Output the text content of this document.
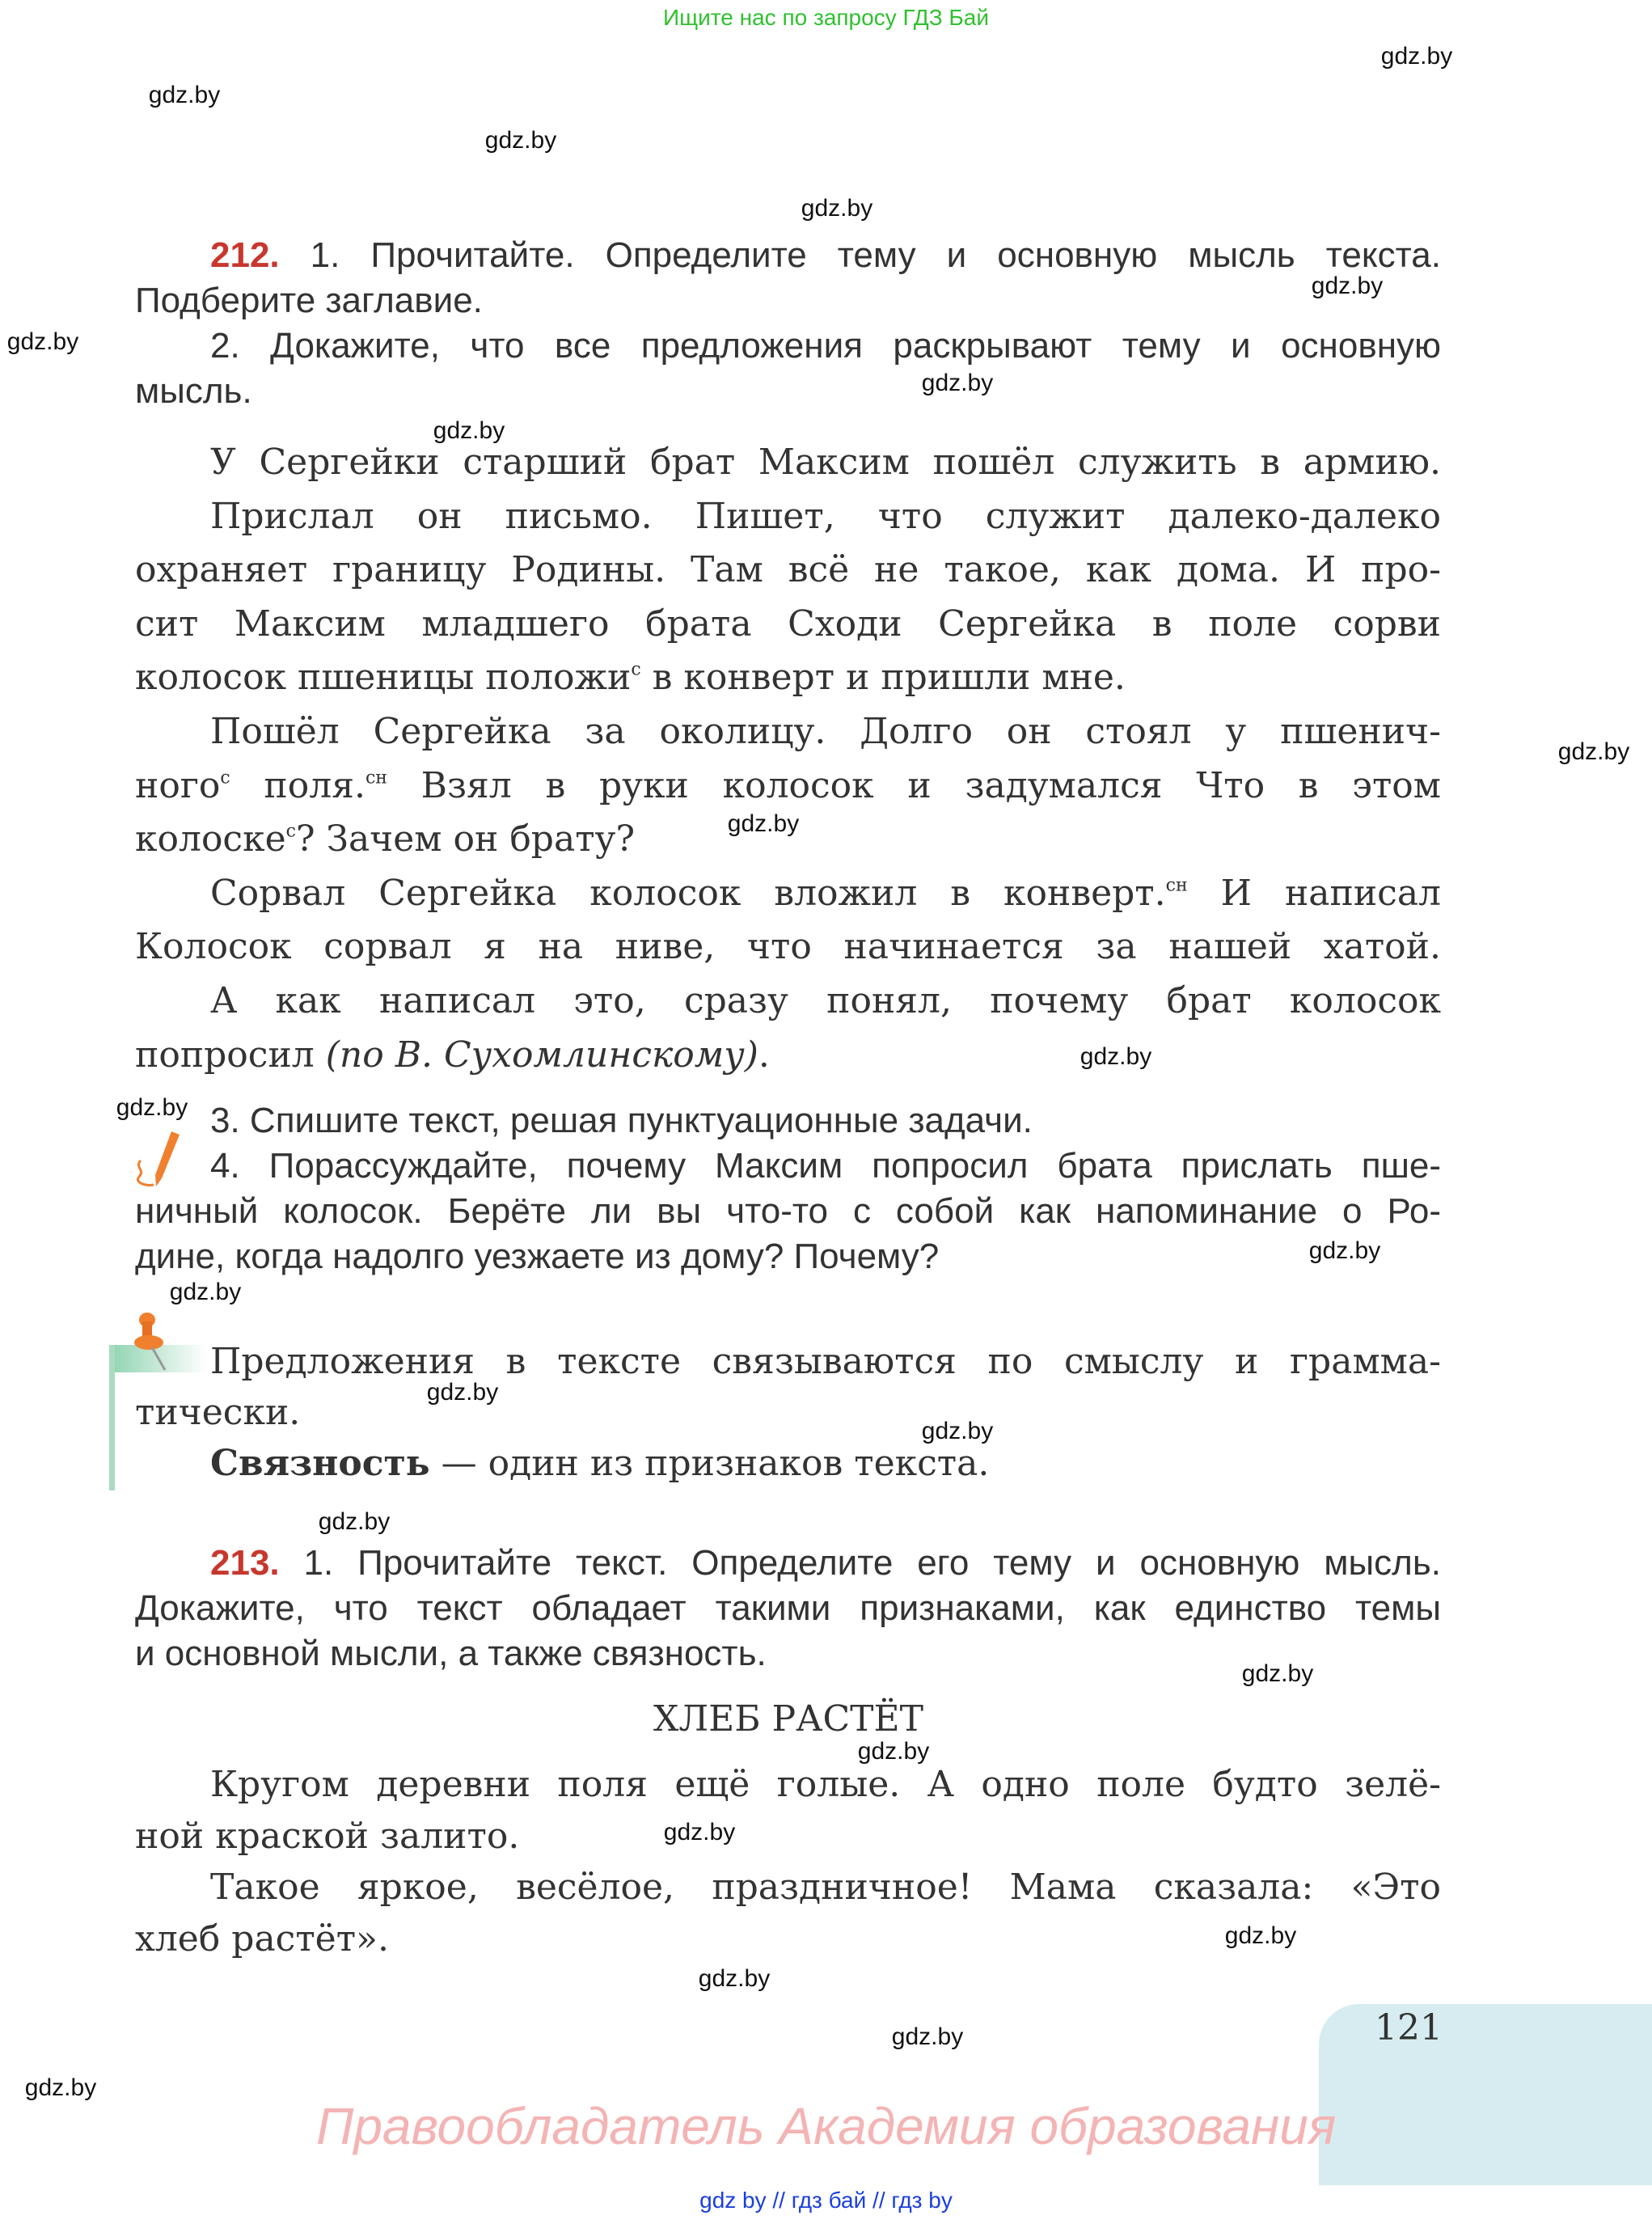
Ищите нас по запросу ГДЗ Бай
212. 1. Прочитайте. Определите тему и основную мысль текста.
Подберите заглавие.
2. Докажите, что все предложения раскрывают тему и основную
мысль.
У Сергейки старший брат Максим пошёл служить в армию.
Прислал он письмо. Пишет, что служит далеко-далеко
охраняет границу Родины. Там всё не такое, как дома. И про-
сит Максим младшего брата Сходи Сергейка в поле сорви
колосок пшеницы положи$^с$ в конверт и пришли мне.
Пошёл Сергейка за околицу. Долго он стоял у пшенич-
ного$^с$ поля.$^{сн}$ Взял в руки колосок и задумался Что в этом
колоске$^с$? Зачем он брату?
Сорвал Сергейка колосок вложил в конверт.$^{сн}$ И написал
Колосок сорвал я на ниве, что начинается за нашей хатой.
А как написал это, сразу понял, почему брат колосок
попросил (по В. Сухомлинскому).
3. Спишите текст, решая пунктуационные задачи.
4. Порассуждайте, почему Максим попросил брата прислать пше-
ничный колосок. Берёте ли вы что-то с собой как напоминание о Ро-
дине, когда надолго уезжаете из дому? Почему?
Предложения в тексте связываются по смыслу и грамма-
тически.
Связность — один из признаков текста.
213. 1. Прочитайте текст. Определите его тему и основную мысль.
Докажите, что текст обладает такими признаками, как единство темы
и основной мысли, а также связность.
ХЛЕБ РАСТЁТ
Кругом деревни поля ещё голые. А одно поле будто зелё-
ной краской залито.
Такое яркое, весёлое, праздничное! Мама сказала: «Это
хлеб растёт».
121
Правообладатель Академия образования
gdz by // гдз бай // гдз by
gdz.by
gdz.by
gdz.by
gdz.by
gdz.by
gdz.by
gdz.by
gdz.by
gdz.by
gdz.by
gdz.by
gdz.by
gdz.by
gdz.by
gdz.by
gdz.by
gdz.by
gdz.by
gdz.by
gdz.by
gdz.by
gdz.by
gdz.by
gdz.by
